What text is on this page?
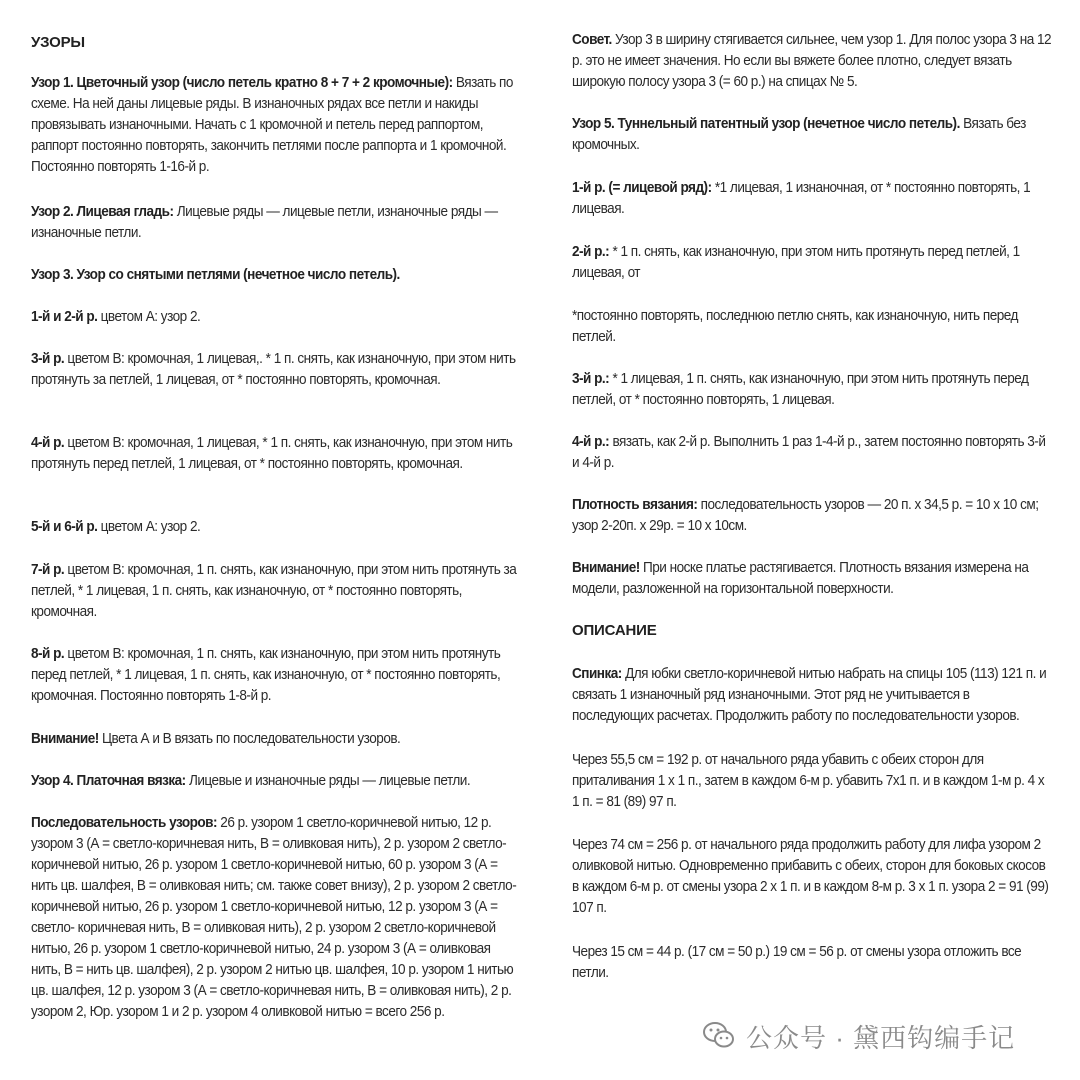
УЗОРЫ
Узор 1. Цветочный узор (число петель кратно 8 + 7 + 2 кромочные): Вязать по схеме. На ней даны лицевые ряды. В изнаночных рядах все петли и накиды провязывать изнаночными. Начать с 1 кромочной и петель перед раппортом, раппорт постоянно повторять, закончить петлями после раппорта и 1 кромочной. Постоянно повторять 1-16-й р.
Узор 2. Лицевая гладь: Лицевые ряды — лицевые петли, изнаночные ряды — изнаночные петли.
Узор 3. Узор со снятыми петлями (нечетное число петель).
1-й и 2-й р. цветом А: узор 2.
3-й р. цветом В: кромочная, 1 лицевая,. * 1 п. снять, как изнаночную, при этом нить протянуть за петлей, 1 лицевая, от * постоянно повторять, кромочная.
4-й р. цветом В: кромочная, 1 лицевая, * 1 п. снять, как изнаночную, при этом нить протянуть перед петлей, 1 лицевая, от * постоянно повторять, кромочная.
5-й и 6-й р. цветом А: узор 2.
7-й р. цветом В: кромочная, 1 п. снять, как изнаночную, при этом нить протянуть за петлей, * 1 лицевая, 1 п. снять, как изнаночную, от * постоянно повторять, кромочная.
8-й р. цветом В: кромочная, 1 п. снять, как изнаночную, при этом нить протянуть перед петлей, * 1 лицевая, 1 п. снять, как изнаночную, от * постоянно повторять, кромочная. Постоянно повторять 1-8-й р.
Внимание! Цвета А и В вязать по последовательности узоров.
Узор 4. Платочная вязка: Лицевые и изнаночные ряды — лицевые петли.
Последовательность узоров: 26 р. узором 1 светло-коричневой нитью, 12 р. узором 3 (А = светло-коричневая нить, В = оливковая нить), 2 р. узором 2 светло-коричневой нитью, 26 р. узором 1 светло-коричневой нитью, 60 р. узором 3 (А = нить цв. шалфея, В = оливковая нить; см. также совет внизу), 2 р. узором 2 светло-коричневой нитью, 26 р. узором 1 светло-коричневой нитью, 12 р. узором 3 (А = светло- коричневая нить, В = оливковая нить), 2 р. узором 2 светло-коричневой нитью, 26 р. узором 1 светло-коричневой нитью, 24 р. узором 3 (А = оливковая нить, В = нить цв. шалфея), 2 р. узором 2 нитью цв. шалфея, 10 р. узором 1 нитью цв. шалфея, 12 р. узором 3 (А = светло-коричневая нить, В = оливковая нить), 2 р. узором 2, Юр. узором 1 и 2 р. узором 4 оливковой нитью = всего 256 р.
Совет. Узор 3 в ширину стягивается сильнее, чем узор 1. Для полос узора 3 на 12 р. это не имеет значения. Но если вы вяжете более плотно, следует вязать широкую полосу узора 3 (= 60 р.) на спицах № 5.
Узор 5. Туннельный патентный узор (нечетное число петель). Вязать без кромочных.
1-й р. (= лицевой ряд): *1 лицевая, 1 изнаночная, от * постоянно повторять, 1 лицевая.
2-й р.: * 1 п. снять, как изнаночную, при этом нить протянуть перед петлей, 1 лицевая, от
*постоянно повторять, последнюю петлю снять, как изнаночную, нить перед петлей.
3-й р.: * 1 лицевая, 1 п. снять, как изнаночную, при этом нить протянуть перед петлей, от * постоянно повторять, 1 лицевая.
4-й р.: вязать, как 2-й р. Выполнить 1 раз 1-4-й р., затем постоянно повторять 3-й и 4-й р.
Плотность вязания: последовательность узоров — 20 п. х 34,5 р. = 10 х 10 см; узор 2-20п. х 29р. = 10 х 10см.
Внимание! При носке платье растягивается. Плотность вязания измерена на модели, разложенной на горизонтальной поверхности.
ОПИСАНИЕ
Спинка: Для юбки светло-коричневой нитью набрать на спицы 105 (113) 121 п. и связать 1 изнаночный ряд изнаночными. Этот ряд не учитывается в последующих расчетах. Продолжить работу по последовательности узоров.
Через 55,5 см = 192 р. от начального ряда убавить с обеих сторон для приталивания 1 х 1 п., затем в каждом 6-м р. убавить 7х1 п. и в каждом 1-м р. 4 х 1 п. = 81 (89) 97 п.
Через 74 см = 256 р. от начального ряда продолжить работу для лифа узором 2 оливковой нитью. Одновременно прибавить с обеих, сторон для боковых скосов в каждом 6-м р. от смены узора 2 х 1 п. и в каждом 8-м р. 3 х 1 п. узора 2 = 91 (99) 107 п.
Через 15 см = 44 р. (17 см = 50 р.) 19 см = 56 р. от смены узора отложить все петли.
公众号 · 黛西钩编手记
